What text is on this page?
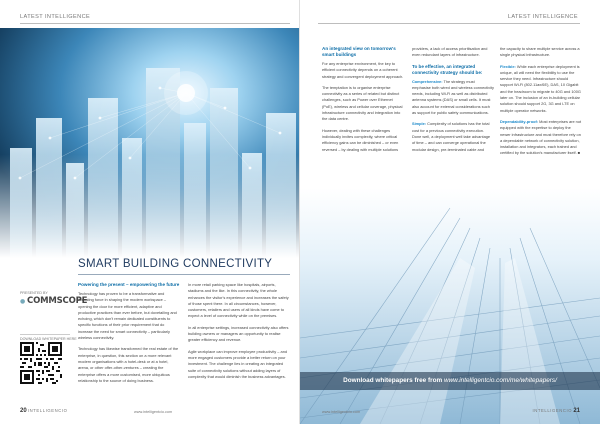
LATEST INTELLIGENCE
SMART BUILDING CONNECTIVITY
PRESENTED BY
● COMMSCOPE
DOWNLOAD WHITEPAPER HERE
Powering the present – empowering the future

Technology has proven to be a transformative and liberating force in shaping the modern workspace – opening the door for more efficient, adaptive and productive practices than ever before, but dovetailing and echoing, which don't remain dedicated constituents to specific functions of their prior requirement that do increase the need for smart connectivity – particularly wireless connectivity.

Technology has likewise transformed the real estate of the enterprise, in question, this section on a more relevant modern organisations with a hotel-desk or at a hotel, arena, or other offer-other-ventures – creating the enterprise offers a more customised, more ubiquitous relationship to the source of doing business.

In more retail parking space like hospitals, airports, stadiums and the like. In this connectivity, the whole enhances the visitor's experience and increases the safety of those spent there. In all circumstances, however, customers, retailers and users of all kinds have come to expect a level of connectivity while on the premises.

In all enterprise settings, increased connectivity also offers building owners or managers an opportunity to realise greater efficiency and revenue.

Agile workplace can improve employee productivity – and more engaged customers provide a better return on your investment. The challenge lies in creating an integrated suite of connectivity solutions without adding layers of complexity that would diminish the business advantages.

20 INTELLIGENCIO	www.intelligentcio.com
LATEST INTELLIGENCE
An integrated view on tomorrow's smart buildings

For any enterprise environment, the key to efficient connectivity depends on a coherent strategy and convergent deployment approach.

The temptation is to organise enterprise connectivity as a series of related but distinct challenges, such as Power over Ethernet (PoE), wireless and cellular coverage, physical infrastructure connectivity and integration into the data centre.

However, dealing with these challenges individually invites complexity, where critical efficiency gains can be diminished – or even reversed – by dealing with multiple solutions

providers, a lack of access prioritisation and even redundant layers of infrastructure.

To be effective, an integrated connectivity strategy should be:

Comprehensive: The strategy must emphasise both wired and wireless connectivity needs, including Wi-Fi as well as distributed antenna systems (DAS) or small cells. It must also account for external considerations such as support for public safety communications.

Simple: Complexity of solutions has the total cost for a previous connectivity execution. Done well, a deployment well take advantage of time – and can converge operational the modular design, pre-terminated cable and

the capacity to share multiple service across a single physical infrastructure.

Flexible: While each enterprise deployment is unique, all will need the flexibility to use the service they need. Infrastructure should support Wi-Fi (802.11ax/6E), DAS, 10 Gigabit and the headroom to migrate to 40G and 100G later on. The inclusion of an in-building cellular solution should support 2G, 3G and LTE on multiple operator networks.

Dependability-proof: Most enterprises are not equipped with the expertise to deploy the newer infrastructure and must therefore rely on a dependable network of connectivity solution, installation and integrators, each trained and certified by the solution's manufacturer itself. ■

Download whitepapers free from www.intelligentcio.com/me/whitepapers/
www.intelligentcio.com	INTELLIGENCIO 21
